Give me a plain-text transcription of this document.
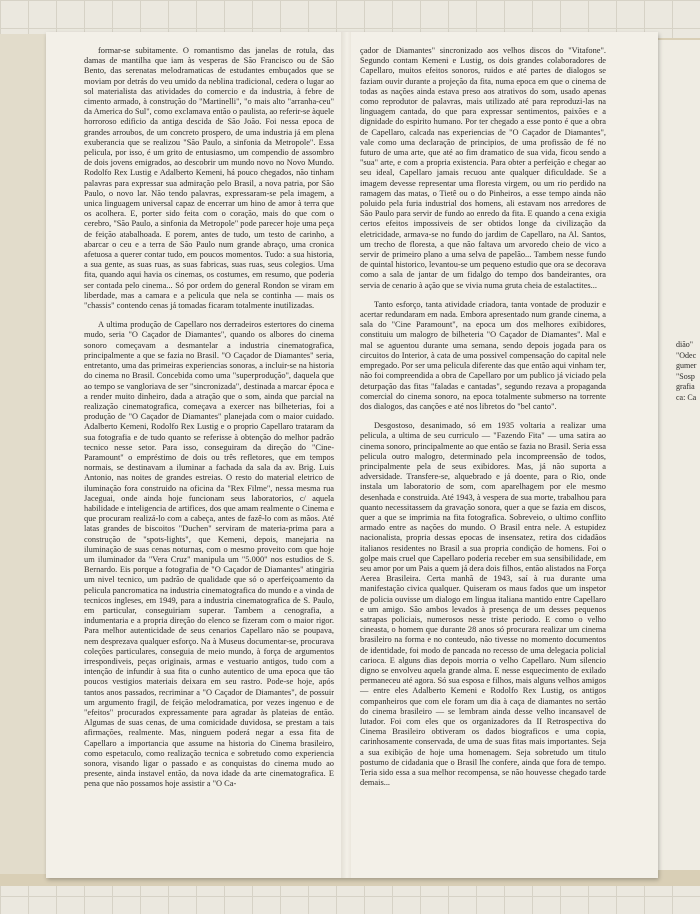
formar-se subitamente. O romantismo das janelas de rotula, das damas de mantilha que iam às vesperas de São Francisco ou de São Bento, das serenatas melodramaticas de estudantes embuçados que se moviam por detrás do veu umido da neblina tradicional, cedera o lugar ao sol materialista das atividades do comercio e da industria, à febre de cimento armado, à construção do "Martinelli", "o mais alto "arranha-ceu" da America do Sul", como exclamava então o paulista, ao referir-se àquele horroroso edificio da antiga descida de São João. Foi nessa epoca de grandes arroubos, de um concreto prospero, de uma industria já em plena exuberancia que se realizou "São Paulo, a sinfonia da Metropole". Essa pelicula, por isso, é um grito de entusiasmo, um compendio de assombro de dois jovens emigrados, ao descobrir um mundo novo no Novo Mundo. Rodolfo Rex Lustig e Adalberto Kemeni, há pouco chegados, não tinham palavras para expressar sua admiração pelo Brasil, a nova patria, por São Paulo, o novo lar. Não tendo palavras, expressaram-se pela imagem, a unica linguagem universal capaz de encerrar um hino de amor à terra que os acolhera. E, porter sido feita com o coração, mais do que com o cerebro, "São Paulo, a sinfonia da Metropole" pode parecer hoje uma peça de feição atabalhoada. E porem, antes de tudo, um testo de carinho, a abarcar o ceu e a terra de São Paulo num grande abraço, uma cronica afetuosa a querer contar tudo, em poucos momentos. Tudo: a sua historia, a sua gente, as suas ruas, as suas fabricas, suas ruas, seus colegios. Uma fita, quando aqui havia os cinemas, os costumes, em resumo, que poderia ser contada pelo cinema... Só por ordem do general Rondon se viram em liberdade, mas a camara e a pelicula que nela se continha — mais os "chassis" contendo cenas já tomadas ficaram totalmente inutilizadas.

A ultima produção de Capellaro nos derradeiros estertores do cinema mudo, seria "O Caçador de Diamantes", quando os albores do cinema sonoro começavam a desmantelar a industria cinematografica, principalmente a que se fazia no Brasil. "O Caçador de Diamantes" seria, entretanto, uma das primeiras experiencias sonoras, a incluir-se na historia do cinema no Brasil. Concebida como uma "superprodução", daquela que ao tempo se vangloriava de ser "sincronizada", destinada a marcar época e a render muito dinheiro, dada a atração que o som, ainda que parcial na realização cinematografica, começava a exercer nas bilheterias, foi a produção de "O Caçador de Diamantes" planejada com o maior cuidado. Adalberto Kemeni, Rodolfo Rex Lustig e o proprio Capellaro trataram da sua fotografia e de tudo quanto se referisse à obtenção do melhor padrão tecnico nesse setor. Para isso, conseguiram da direção do "Cine-Paramount" o empréstimo de dois ou três refletores, que em tempos normais, se destinavam a iluminar a fachada da sala da av. Brig. Luis Antonio, nas noites de grandes estreias. O resto do material eletrico de iluminação fora construido na oficina da "Rex Filme", nessa mesma rua Jaceguai, onde ainda hoje funcionam seus laboratorios, c/ aquela habilidade e inteligencia de artifices, dos que amam realmente o Cinema e que procuram realizá-lo com a cabeça, antes de fazê-lo com as mãos. Até latas grandes de biscoitos "Duchen" serviram de materia-prima para a construção de "spots-lights", que Kemeni, depois, manejaria na iluminação de suas cenas noturnas, com o mesmo proveito com que hoje um iluminador da "Vera Cruz" manipula um "5.000" nos estudios de S. Bernardo. Eis porque a fotografia de "O Caçador de Diamantes" atingiria um nivel tecnico, um padrão de qualidade que só o aperfeiçoamento da pelicula pancromatica na industria cinematografica do mundo e a vinda de tecnicos ingleses, em 1949, para a industria cinematografica de S. Paulo, em particular, conseguiriam superar. Tambem a cenografia, a indumentaria e a propria direção do elenco se fizeram com o maior rigor. Para melhor autenticidade de seus cenarios Capellaro não se poupava, nem desprezava qualquer esforço. Na à Museus documentar-se, procurava coleções particulares, conseguia de meio mundo, à força de argumentos irrespondiveis, peças originais, armas e vestuario antigos, tudo com a intenção de infundir à sua fita o cunho autentico de uma epoca que tão poucos vestigios materiais deixara em seu rastro. Pode-se hoje, após tantos anos passados, recriminar a "O Caçador de Diamantes", de possuir um argumento fragil, de feição melodramatica, por vezes ingenuo e de "efeitos" procurados expressamente para agradar às plateias de então. Algumas de suas cenas, de uma comicidade duvidosa, se prestam a tais afirmações, realmente. Mas, ninguem poderá negar a essa fita de Capellaro a importancia que assume na historia do Cinema brasileiro, como espetaculo, como realização tecnica e sobretudo como experiencia sonora, visando ligar o passado e as conquistas do cinema mudo ao presente, ainda instavel então, da nova idade da arte cinematografica. E pena que não possamos hoje assistir a "O Ca-

çador de Diamantes" sincronizado aos velhos discos do "Vitafone". Segundo contam Kemeni e Lustig, os dois grandes colaboradores de Capellaro, muitos efeitos sonoros, ruidos e até partes de dialogos se faziam ouvir durante a projeção da fita, numa epoca em que o cinema de todas as nações ainda estava preso aos atrativos do som, usado apenas como reprodutor de palavras, mais utilizado até para reproduzi-las na linguagem cantada, do que para expressar sentimentos, paixões e a dignidade do espirito humano. Por ter chegado a esse ponto é que a obra de Capellaro, calcada nas experiencias de "O Caçador de Diamantes", vale como uma declaração de principios, de uma profissão de fé no futuro de uma arte, que até ao fim dramatico de sua vida, ficou sendo a "sua" arte, e com a propria existencia. Para obter a perfeição e chegar ao seu ideal, Capellaro jamais recuou ante qualquer dificuldade. Se a imagem devesse representar uma floresta virgem, ou um rio perdido na ramagem das matas, o Tietê ou o do Pinheiros, a esse tempo ainda não poluido pela furia industrial dos homens, ali estavam nos arredores de São Paulo para servir de fundo ao enredo da fita. E quando a cena exigia certos efeitos impossiveis de ser obtidos longe da civilização da eletricidade, armava-se no fundo do jardim de Capellaro, na Al. Santos, um trecho de floresta, a que não faltava um arvoredo cheio de vico a servir de primeiro plano a uma selva de papelão... Tambem nesse fundo de quintal historico, levantou-se um pequeno estudio que ora se decorava como a sala de jantar de um fidalgo do tempo dos bandeirantes, ora servia de cenario à ação que se vivia numa gruta cheia de estalactites...

Tanto esforço, tanta atividade criadora, tanta vontade de produzir e acertar redundaram em nada. Embora apresentado num grande cinema, a sala do "Cine Paramount", na epoca um dos melhores exibidores, constituiu um malogro de bilheteria "O Caçador de Diamantes". Mal e mal se aguentou durante uma semana, sendo depois jogada para os circuitos do Interior, à cata de uma possivel compensação do capital nele empregado. Por ser uma pelicula diferente das que então aqui vinham ter, não foi compreendida a obra de Capellaro por um publico já viciado pela deturpação das fitas "faladas e cantadas", segundo rezava a propaganda comercial do cinema sonoro, na epoca totalmente submerso na torrente dos dialogos, das canções e até nos libretos do "bel canto".

Desgostoso, desanimado, só em 1935 voltaria a realizar uma pelicula, a ultima de seu curriculo — "Fazendo Fita" — uma satira ao cinema sonoro, principalmente ao que então se fazia no Brasil. Seria essa pelicula outro malogro, determinado pela incompreensão de todos, principalmente pela de seus exibidores. Mas, já não suporta a adversidade. Transfere-se, alquebrado e já doente, para o Rio, onde instala um laboratorio de som, com aparelhagem por ele mesmo desenhada e construida. Até 1943, à vespera de sua morte, trabalhou para quanto necessitassem da gravação sonora, quer a que se fazia em discos, quer a que se imprimia na fita fotografica. Sobreveio, o ultimo conflito armado entre as nações do mundo. O Brasil entra nele. A estupidez nacionalista, propria dessas epocas de insensatez, retira dos cidadãos italianos residentes no Brasil a sua propria condição de homens. Foi o golpe mais cruel que Capellaro poderia receber em sua sensibilidade, em seu amor por um Pais a quem já dera dois filhos, então alistados na Força Aerea Brasileira. Certa manhã de 1943, saí à rua durante uma manifestação civica qualquer. Quiseram os maus fados que um inspetor de policia ouvisse um dialogo em lingua italiana mantido entre Capellaro e um amigo. São ambos levados à presença de um desses pequenos satrapas policiais, numerosos nesse triste periodo. E como o velho cineasta, o homem que durante 28 anos só procurara realizar um cinema brasileiro na forma e no conteudo, não tivesse no momento documentos de identidade, foi modo de pancada no recesso de uma delegacia policial carioca. E alguns dias depois morria o velho Capellaro. Num silencio digno se envolveu aquela grande alma. E nesse esquecimento de exilado permaneceu até agora. Só sua esposa e filhos, mais alguns velhos amigos — entre eles Adalberto Kemeni e Rodolfo Rex Lustig, os antigos companheiros que com ele foram um dia à caça de diamantes no sertão do cinema brasileiro — se lembram ainda desse velho incansavel de lutador. Foi com eles que os organizadores da II Retrospectiva do Cinema Brasileiro obtiveram os dados biograficos e uma copia, carinhosamente conservada, de uma de suas fitas mais importantes. Seja a sua exibição de hoje uma homenagem. Seja sobretudo um titulo postumo de cidadania que o Brasil lhe confere, ainda que fora de tempo. Teria sido essa a sua melhor recompensa, se não houvesse chegado tarde demais...

dião"
"Odec
gumer
"Sosp
grafia
ca: Ca
